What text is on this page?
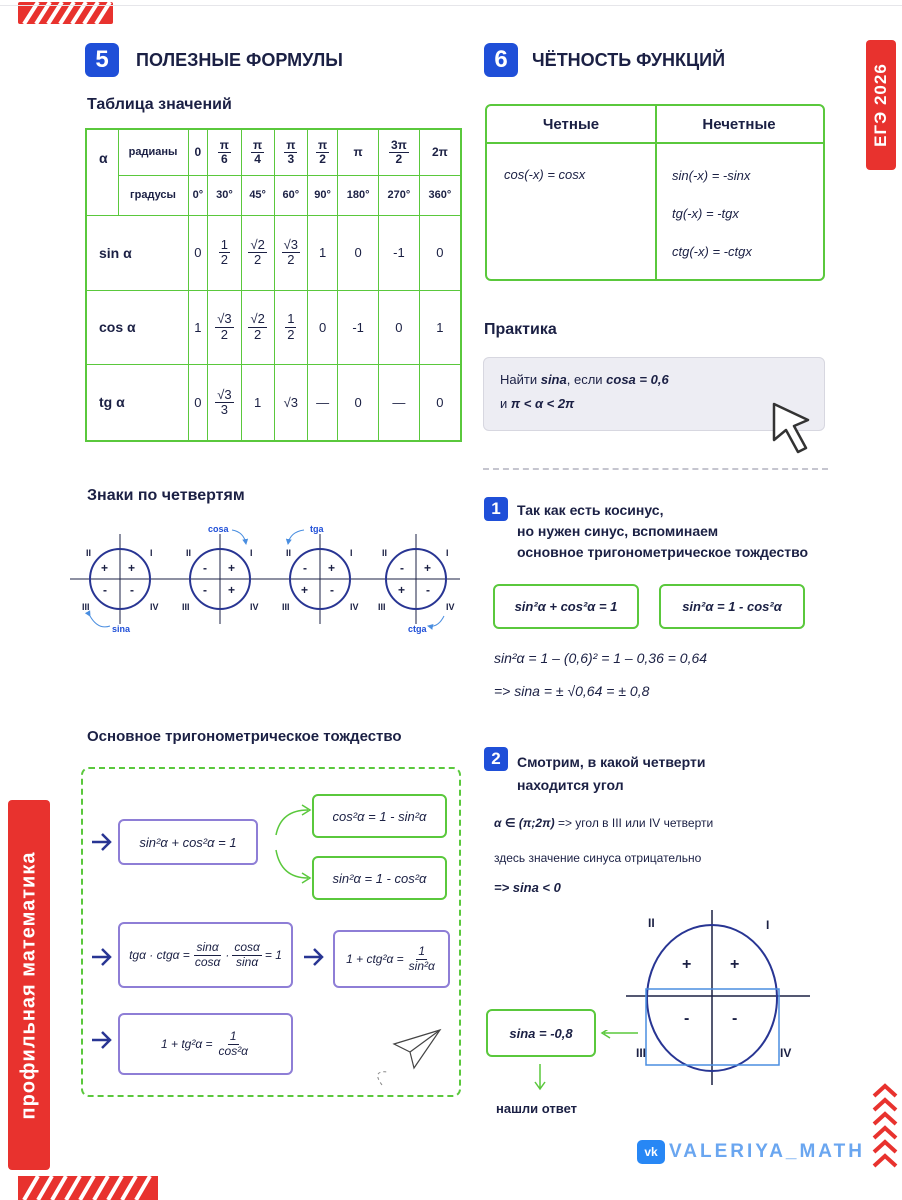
ЕГЭ 2026
профильная математика
5	ПОЛЕЗНЫЕ ФОРМУЛЫ
Таблица значений
α	радианы	0	$\frac{\pi}{6}$	$\frac{\pi}{4}$	$\frac{\pi}{3}$	$\frac{\pi}{2}$	π	$\frac{3\pi}{2}$	2π
	градусы	0°	30°	45°	60°	90°	180°	270°	360°
sin α		0	$\frac{1}{2}$	$\frac{√2}{2}$	$\frac{√3}{2}$	1	0	-1	0
cos α		1	$\frac{√3}{2}$	$\frac{√2}{2}$	$\frac{1}{2}$	0	-1	0	1
tg α		0	$\frac{√3}{3}$	1	√3	—	0	—	0
Знаки по четвертям
II	I
III	IV
+ +
- -
sina
II	I
III	IV
- +
- +
cosa
II	I
III	IV
- +
+ -
tga
II	I
III	IV
- +
+ -
ctga
Основное тригонометрическое тождество
sin²α + cos²α = 1
cos²α = 1 - sin²α
sin²α = 1 - cos²α
$tg\alpha \cdot ctg\alpha = \frac{\sin\alpha}{\cos\alpha} \cdot \frac{\cos\alpha}{\sin\alpha} = 1$	$1 + ctg^2\alpha = \frac{1}{\text{sin²α}}$
$1 + tg^2\alpha = \frac{1}{\text{cos²α}}$
6	ЧЁТНОСТЬ ФУНКЦИЙ
Четные	Нечетные
cos(-x) = cosx	sin(-x) = -sinx
tg(-x) = -tgx
ctg(-x) = -ctgx
Практика
Найти sina, если cosa = 0,6
и π < α < 2π
1	Так как есть косинус,
но нужен синус, вспоминаем
основное тригонометрическое тождество
sin²α + cos²α = 1	sin²α = 1 - cos²α
sin²α = 1 – (0,6)² = 1 – 0,36 = 0,64
=> sina = ± √0,64 = ± 0,8
2	Смотрим, в какой четверти
находится угол
α ∈ (π;2π) => угол в III или IV четверти
здесь значение синуса отрицательно
=> sina < 0
II	I
III	IV
+ +
-	-
sina = -0,8
нашли ответ
vk VALERIYA_MATH
